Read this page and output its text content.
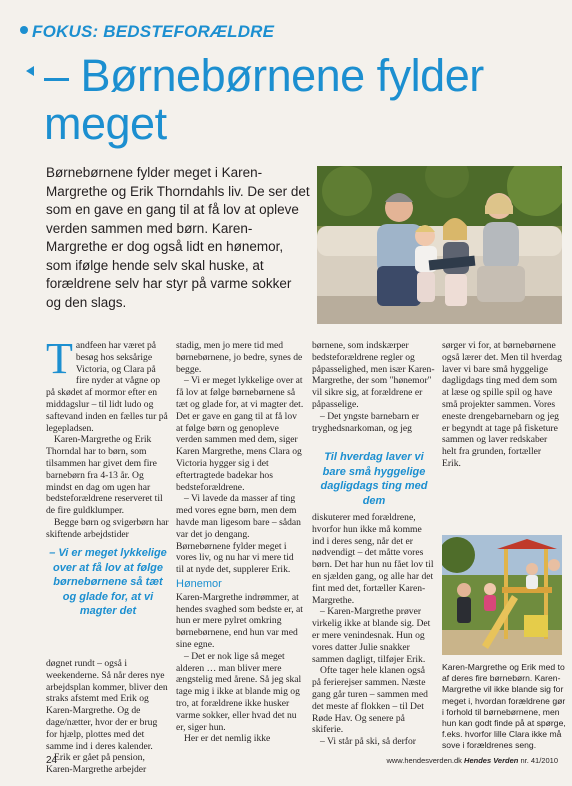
FOKUS: BEDSTEFORÆLDRE
– Børnebørnene fylder meget
Børnebørnene fylder meget i Karen-Margrethe og Erik Thorndahls liv. De ser det som en gave en gang til at få lov at opleve verden sammen med børn. Karen-Margrethe er dog også lidt en hønemor, som ifølge hende selv skal huske, at forældrene selv har styr på varme sokker og den slags.
T andfeen har været på besøg hos seksårige Victoria, og Clara på fire nyder at vågne op på skødet af mormor efter en middagslur – til lidt ludo og saftevand inden en fælles tur på legepladsen.

Karen-Margrethe og Erik Thorndal har to børn, som tilsammen har givet dem fire barnebørn fra 4-13 år. Og mindst en dag om ugen har bedsteforældrene reserveret til de fire guldklumper.

Begge børn og svigerbørn har skiftende arbejdstider

– Vi er meget lykkelige over at få lov at følge børnebørnene så tæt og glade for, at vi magter det

døgnet rundt – også i weekenderne. Så når deres nye arbejdsplan kommer, bliver den straks afstemt med Erik og Karen-Margrethe. Og de dage/nætter, hvor der er brug for hjælp, plottes med det samme ind i deres kalender.

Erik er gået på pension, Karen-Margrethe arbejder

stadig, men jo mere tid med børnebørnene, jo bedre, synes de begge.

– Vi er meget lykkelige over at få lov at følge børnebørnene så tæt og glade for, at vi magter det. Det er gave en gang til at få lov at følge børn og genopleve verden sammen med dem, siger Karen Margrethe, mens Clara og Victoria hygger sig i det eftertragtede badekar hos bedsteforældrene.

– Vi lavede da masser af ting med vores egne børn, men dem havde man ligesom bare – sådan var det jo dengang. Børnebørnene fylder meget i vores liv, og nu har vi mere tid til at nyde det, supplerer Erik.

Hønemor

Karen-Margrethe indrømmer, at hendes svaghed som bedste er, at hun er mere pylret omkring børnebørnene, end hun var med sine egne.

– Det er nok lige så meget alderen … man bliver mere ængstelig med årene. Så jeg skal tage mig i ikke at blande mig og tro, at forældrene ikke husker varme sokker, eller hvad det nu er, siger hun.

Her er det nemlig ikke

børnene, som indskærper bedsteforældrene regler og påpasselighed, men især Karen-Margrethe, der som "hønemor" vil sikre sig, at forældrene er påpasselige.

– Det yngste barnebarn er tryghedsnarkoman, og jeg

Til hverdag laver vi bare små hyggelige dagligdags ting med dem

diskuterer med forældrene, hvorfor hun ikke må komme ind i deres seng, når det er nødvendigt – det måtte vores børn. Det har hun nu fået lov til en sjælden gang, og alle har det fint med det, fortæller Karen-Margrethe.

– Karen-Margrethe prøver virkelig ikke at blande sig. Det er mere venindesnak. Hun og vores datter Julie snakker sammen dagligt, tilføjer Erik.

Ofte tager hele klanen også på ferierejser sammen. Næste gang går turen – sammen med det meste af flokken – til Det Røde Hav. Og senere på skiferie.

– Vi står på ski, så derfor

sørger vi for, at børnebørnene også lærer det. Men til hverdag laver vi bare små hyggelige dagligdags ting med dem som at læse og spille spil og have små projekter sammen. Vores eneste drengebarnebarn og jeg er begyndt at tage på fisketure sammen og laver redskaber helt fra grunden, fortæller Erik.

Karen-Margrethe og Erik med to af deres fire børnebørn. Karen-Margrethe vil ikke blande sig for meget i, hvordan forældrene gør i forhold til børnebørnene, men hun kan godt finde på at spørge, f.eks. hvorfor lille Clara ikke må sove i forældrenes seng.
24	www.hendesverden.dk Hendes Verden nr. 41/2010
